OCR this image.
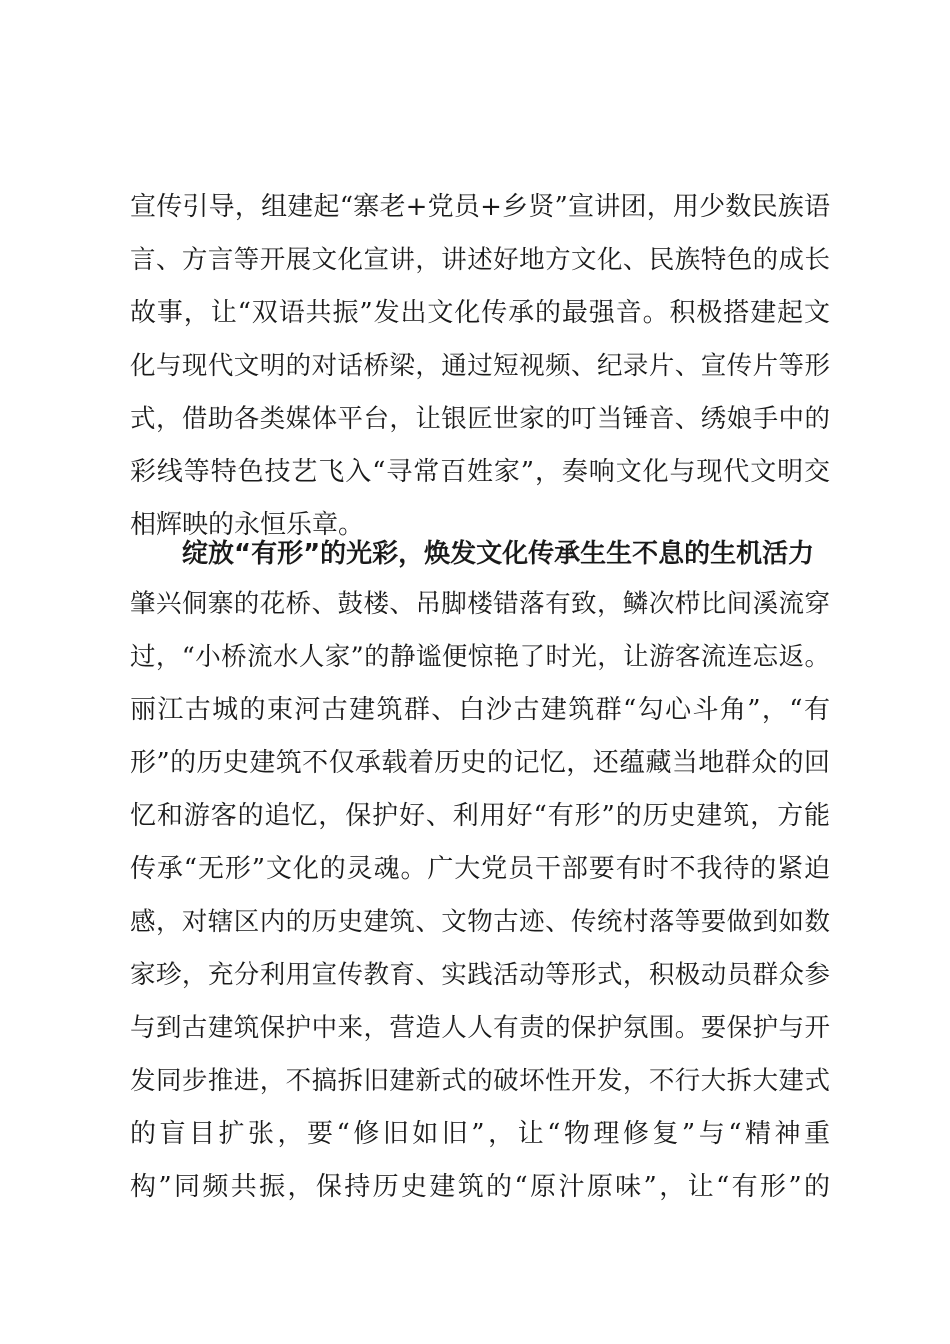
宣传引导，组建起“寨老+党员+乡贤”宣讲团，用少数民族语
言、方言等开展文化宣讲，讲述好地方文化、民族特色的成长
故事，让“双语共振”发出文化传承的最强音。积极搭建起文
化与现代文明的对话桥梁，通过短视频、纪录片、宣传片等形
式，借助各类媒体平台，让银匠世家的叮当锤音、绣娘手中的
彩线等特色技艺飞入“寻常百姓家”，奏响文化与现代文明交
相辉映的永恒乐章。
绽放“有形”的光彩，焕发文化传承生生不息的生机活力
肇兴侗寨的花桥、鼓楼、吊脚楼错落有致，鳞次栉比间溪流穿
过，“小桥流水人家”的静谧便惊艳了时光，让游客流连忘返。
丽江古城的束河古建筑群、白沙古建筑群“勾心斗角”，“有
形”的历史建筑不仅承载着历史的记忆，还蕴藏当地群众的回
忆和游客的追忆，保护好、利用好“有形”的历史建筑，方能
传承“无形”文化的灵魂。广大党员干部要有时不我待的紧迫
感，对辖区内的历史建筑、文物古迹、传统村落等要做到如数
家珍，充分利用宣传教育、实践活动等形式，积极动员群众参
与到古建筑保护中来，营造人人有责的保护氛围。要保护与开
发同步推进，不搞拆旧建新式的破坏性开发，不行大拆大建式
的盲目扩张，要“修旧如旧”，让“物理修复”与“精神重
构”同频共振，保持历史建筑的“原汁原味”，让“有形”的
